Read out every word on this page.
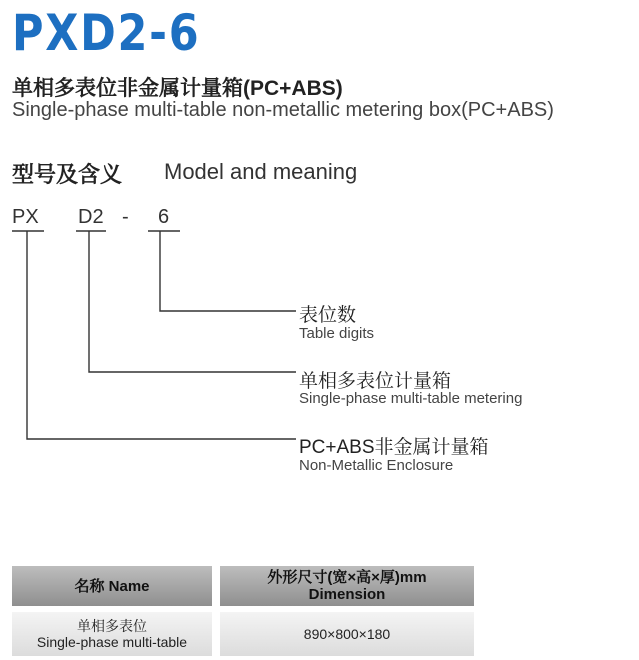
PXD2-6
单相多表位非金属计量箱(PC+ABS)
Single-phase multi-table non-metallic metering box(PC+ABS)
型号及含义 Model and meaning
PX D2 - 6
表位数
Table digits
单相多表位计量箱
Single-phase multi-table metering
PC+ABS非金属计量箱
Non-Metallic Enclosure
名称 Name	外形尺寸(宽×高×厚)mm
Dimension
单相多表位
Single-phase multi-table	890×800×180
